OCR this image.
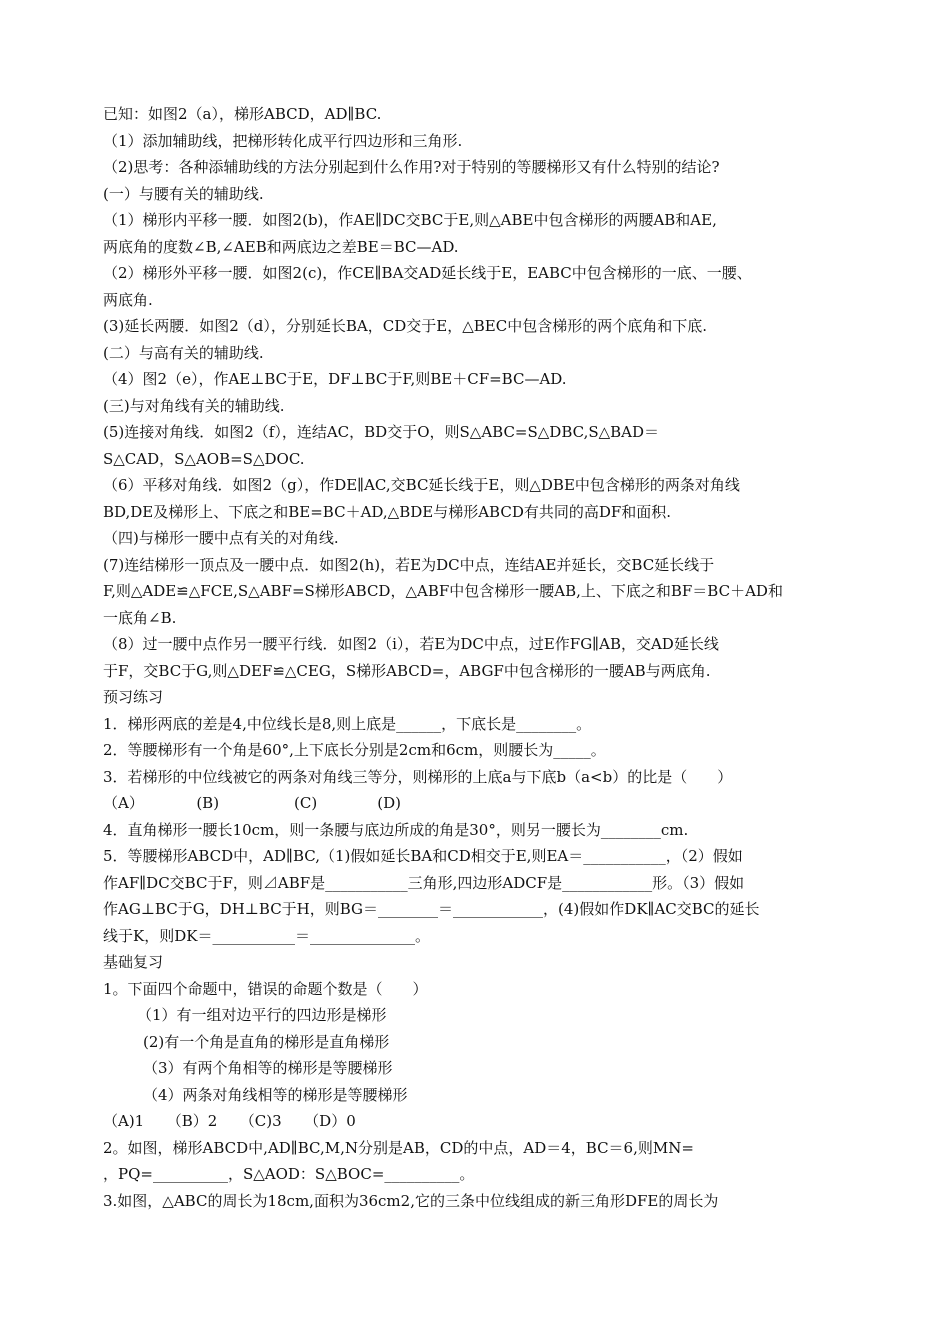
已知：如图2（a），梯形ABCD，AD∥BC.
（1）添加辅助线，把梯形转化成平行四边形和三角形.
（2)思考：各种添辅助线的方法分别起到什么作用?对于特别的等腰梯形又有什么特别的结论?
(一）与腰有关的辅助线.
（1）梯形内平移一腰．如图2(b)，作AE∥DC交BC于E,则△ABE中包含梯形的两腰AB和AE,
两底角的度数∠B,∠AEB和两底边之差BE＝BC—AD.
（2）梯形外平移一腰．如图2(c)，作CE∥BA交AD延长线于E，EABC中包含梯形的一底、一腰、
两底角.
(3)延长两腰．如图2（d），分别延长BA，CD交于E，△BEC中包含梯形的两个底角和下底.
(二）与高有关的辅助线.
（4）图2（e），作AE⊥BC于E，DF⊥BC于F,则BE＋CF=BC—AD.
(三)与对角线有关的辅助线.
(5)连接对角线．如图2（f），连结AC，BD交于O，则S△ABC=S△DBC,S△BAD＝
S△CAD，S△AOB=S△DOC.
（6）平移对角线．如图2（g），作DE∥AC,交BC延长线于E，则△DBE中包含梯形的两条对角线
BD,DE及梯形上、下底之和BE=BC＋AD,△BDE与梯形ABCD有共同的高DF和面积.
（四)与梯形一腰中点有关的对角线.
(7)连结梯形一顶点及一腰中点．如图2(h)，若E为DC中点，连结AE并延长，交BC延长线于
F,则△ADE≌△FCE,S△ABF=S梯形ABCD，△ABF中包含梯形一腰AB,上、下底之和BF＝BC＋AD和
一底角∠B.
（8）过一腰中点作另一腰平行线．如图2（i），若E为DC中点，过E作FG∥AB，交AD延长线
于F，交BC于G,则△DEF≌△CEG，S梯形ABCD=，ABGF中包含梯形的一腰AB与两底角.
预习练习
1．梯形两底的差是4,中位线长是8,则上底是______，下底长是________。
2．等腰梯形有一个角是60°,上下底长分别是2cm和6cm，则腰长为_____。
3．若梯形的中位线被它的两条对角线三等分，则梯形的上底a与下底b（a<b）的比是（　　）
（A）　　　　(B)　　　　　(C)　　　　(D)
4．直角梯形一腰长10cm，则一条腰与底边所成的角是30°，则另一腰长为________cm.
5．等腰梯形ABCD中，AD∥BC,（1)假如延长BA和CD相交于E,则EA＝___________，（2）假如
作AF∥DC交BC于F，则⊿ABF是___________三角形,四边形ADCF是____________形。（3）假如
作AG⊥BC于G，DH⊥BC于H，则BG＝________＝____________，(4)假如作DK∥AC交BC的延长
线于K，则DK＝___________＝______________。
基础复习
1。下面四个命题中，错误的命题个数是（　　）
（1）有一组对边平行的四边形是梯形
(2)有一个角是直角的梯形是直角梯形
（3）有两个角相等的梯形是等腰梯形
（4）两条对角线相等的梯形是等腰梯形
（A)1　　（B）2　　（C)3　　（D）0
2。如图，梯形ABCD中,AD∥BC,M,N分别是AB，CD的中点，AD＝4，BC＝6,则MN=
，PQ=__________，S△AOD：S△BOC=__________。
3.如图，△ABC的周长为18cm,面积为36cm2,它的三条中位线组成的新三角形DFE的周长为
